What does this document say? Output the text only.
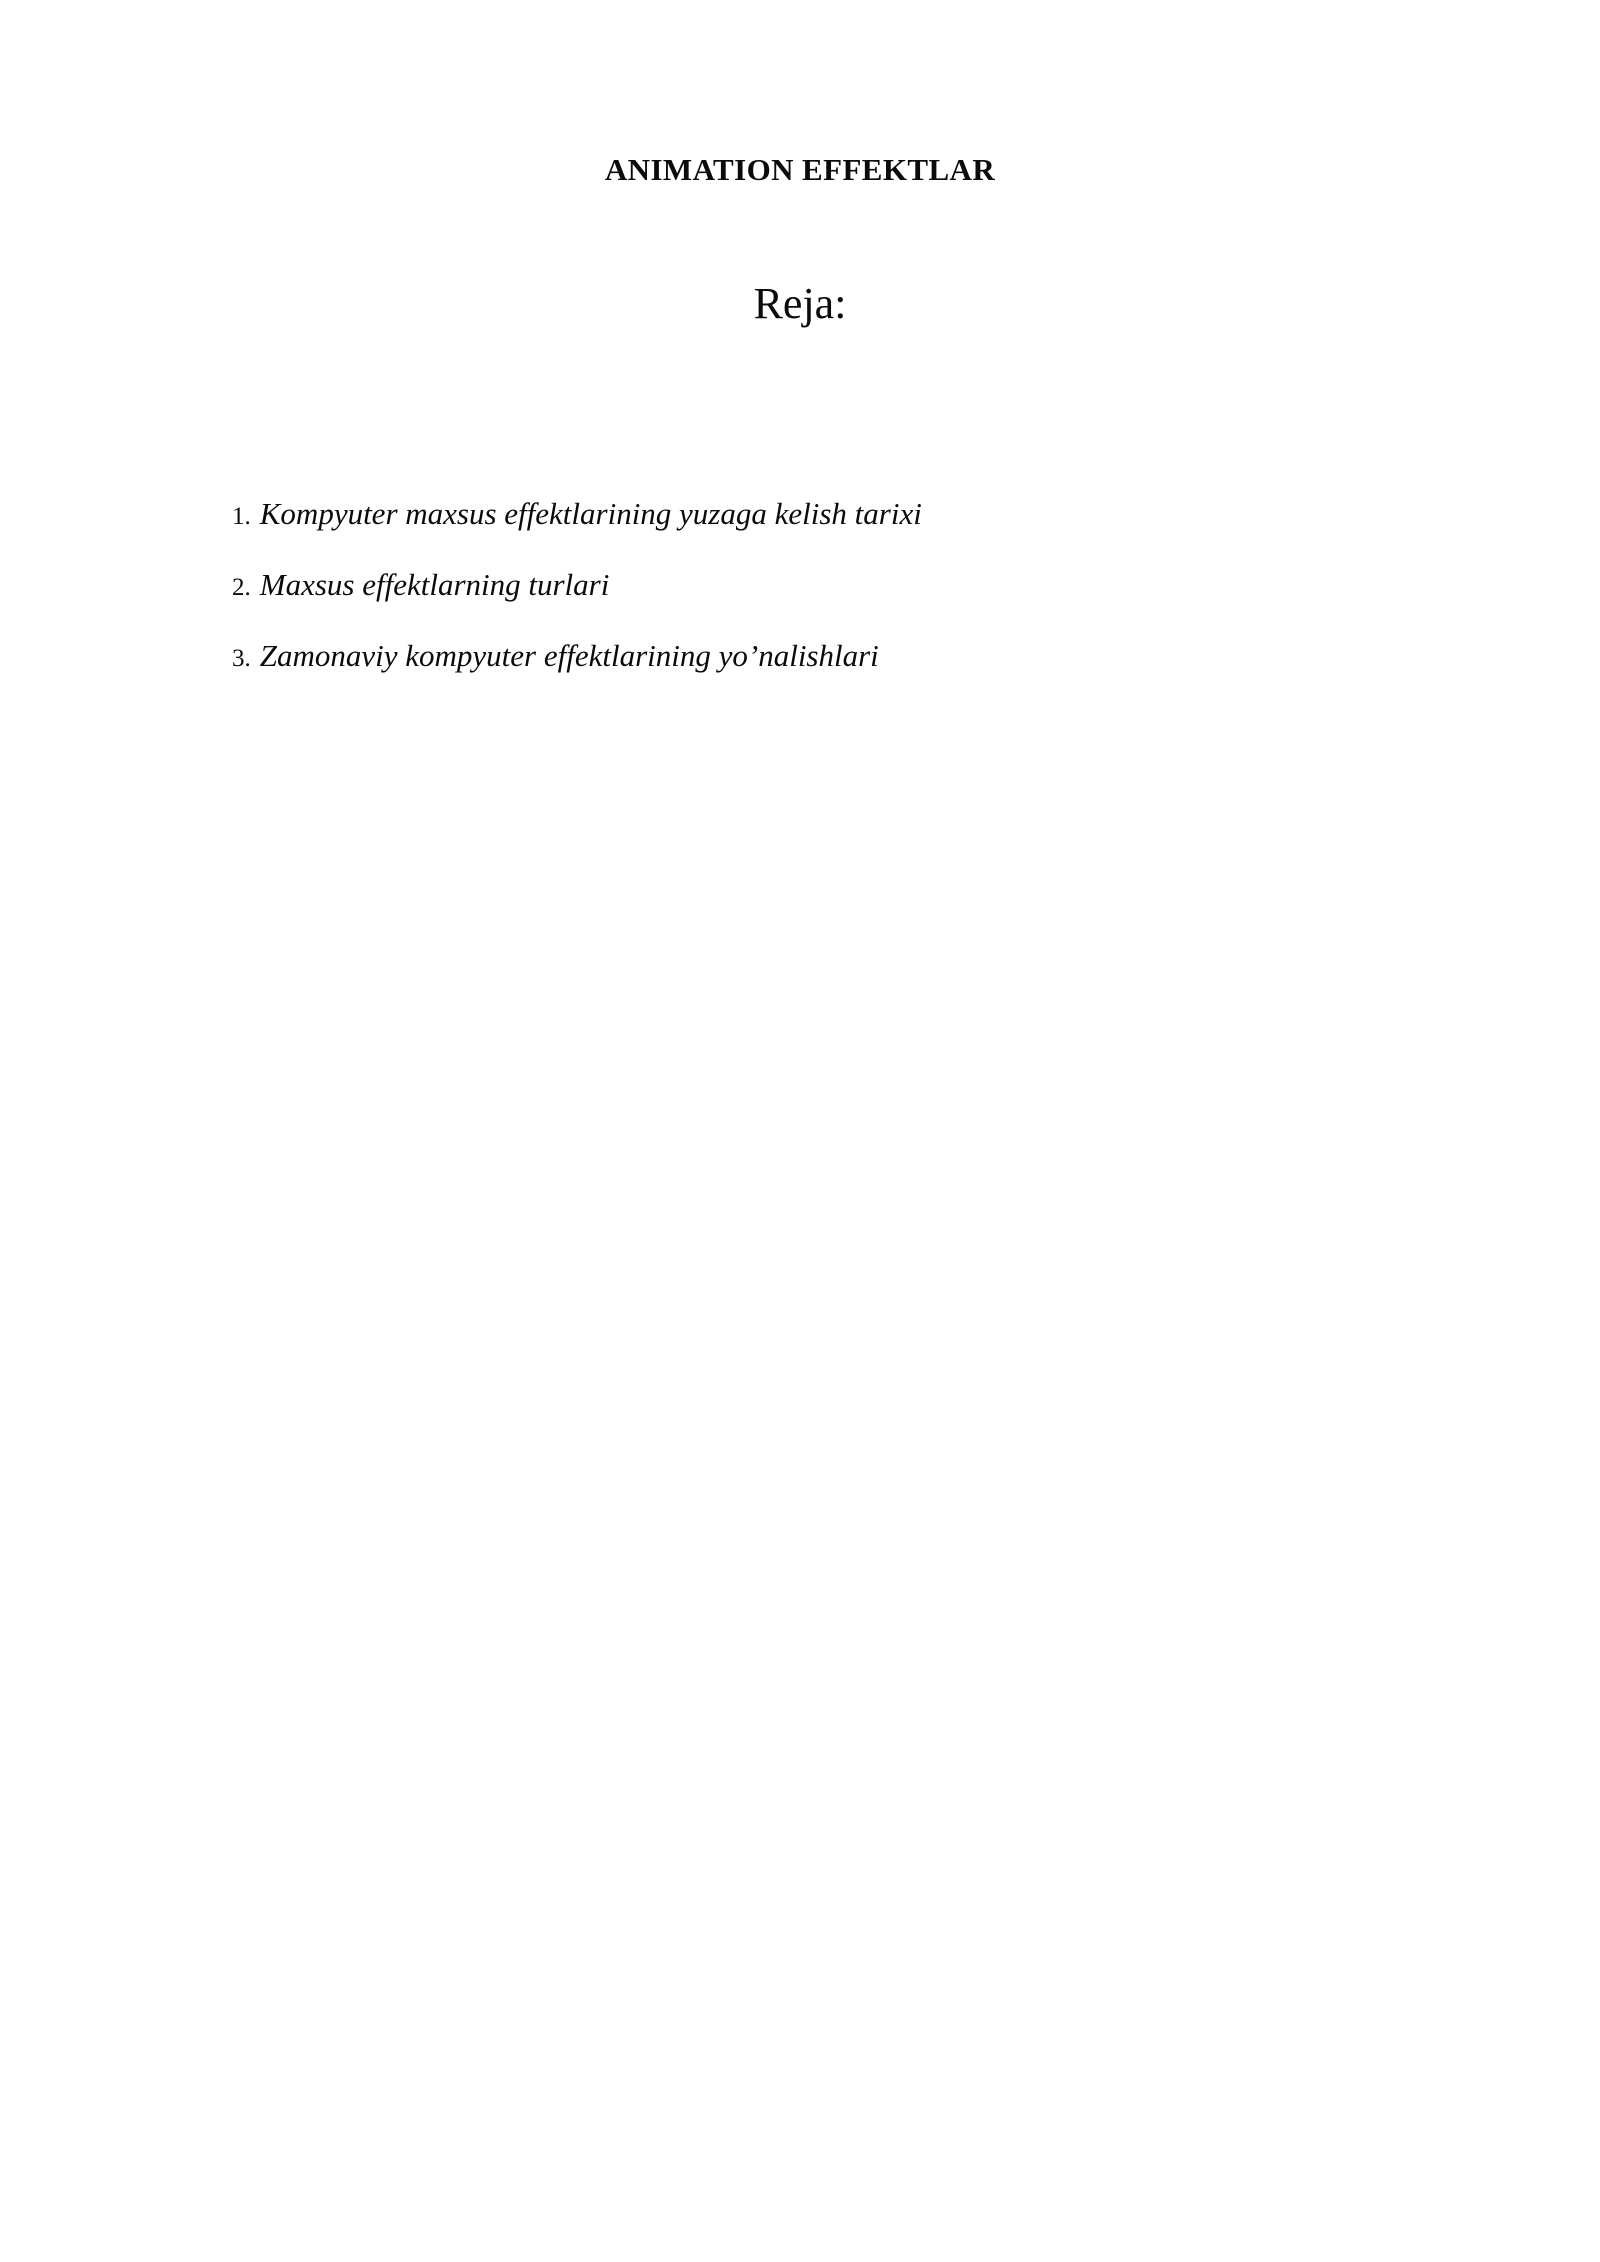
ANIMATION EFFEKTLAR
Reja:
1. Kompyuter maxsus effektlarining yuzaga kelish tarixi
2. Maxsus effektlarning turlari
3. Zamonaviy kompyuter effektlarining yo’nalishlari
